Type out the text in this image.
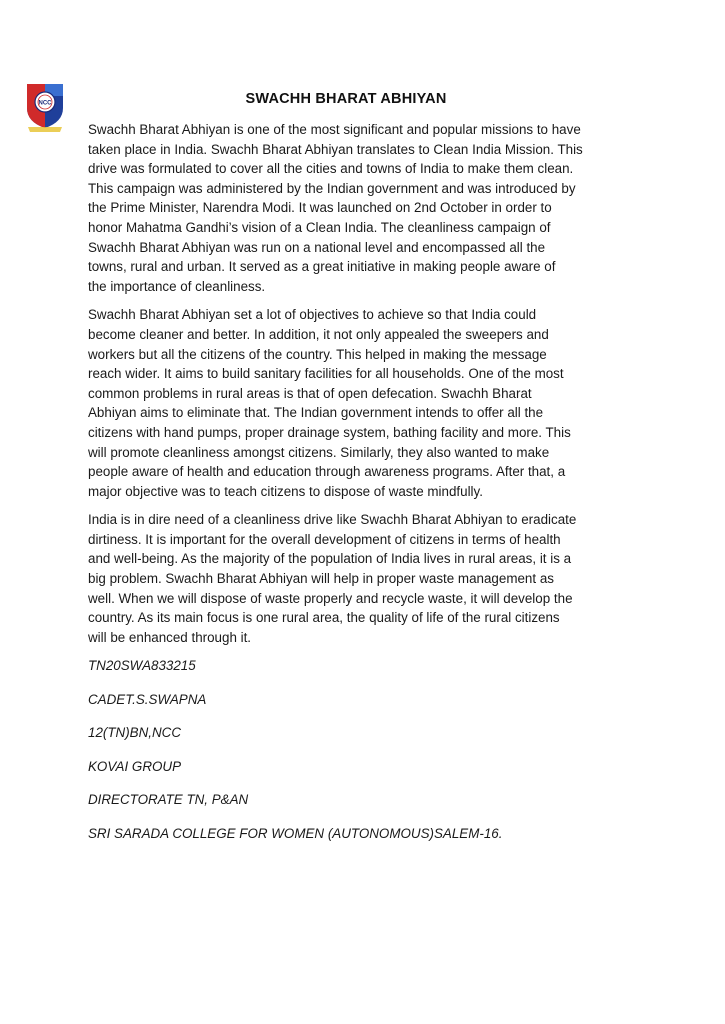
NCC	SWACHH BHARAT ABHIYAN

Swachh Bharat Abhiyan is one of the most significant and popular missions to have
taken place in India. Swachh Bharat Abhiyan translates to Clean India Mission. This
drive was formulated to cover all the cities and towns of India to make them clean.
This campaign was administered by the Indian government and was introduced by
the Prime Minister, Narendra Modi. It was launched on 2nd October in order to
honor Mahatma Gandhi’s vision of a Clean India. The cleanliness campaign of
Swachh Bharat Abhiyan was run on a national level and encompassed all the
towns, rural and urban. It served as a great initiative in making people aware of
the importance of cleanliness.

Swachh Bharat Abhiyan set a lot of objectives to achieve so that India could
become cleaner and better. In addition, it not only appealed the sweepers and
workers but all the citizens of the country. This helped in making the message
reach wider. It aims to build sanitary facilities for all households. One of the most
common problems in rural areas is that of open defecation. Swachh Bharat
Abhiyan aims to eliminate that. The Indian government intends to offer all the
citizens with hand pumps, proper drainage system, bathing facility and more. This
will promote cleanliness amongst citizens. Similarly, they also wanted to make
people aware of health and education through awareness programs. After that, a
major objective was to teach citizens to dispose of waste mindfully.

India is in dire need of a cleanliness drive like Swachh Bharat Abhiyan to eradicate
dirtiness. It is important for the overall development of citizens in terms of health
and well-being. As the majority of the population of India lives in rural areas, it is a
big problem. Swachh Bharat Abhiyan will help in proper waste management as
well. When we will dispose of waste properly and recycle waste, it will develop the
country. As its main focus is one rural area, the quality of life of the rural citizens
will be enhanced through it.

TN20SWA833215

CADET.S.SWAPNA

12(TN)BN,NCC

KOVAI GROUP

DIRECTORATE TN, P&AN

SRI SARADA COLLEGE FOR WOMEN (AUTONOMOUS)SALEM-16.
